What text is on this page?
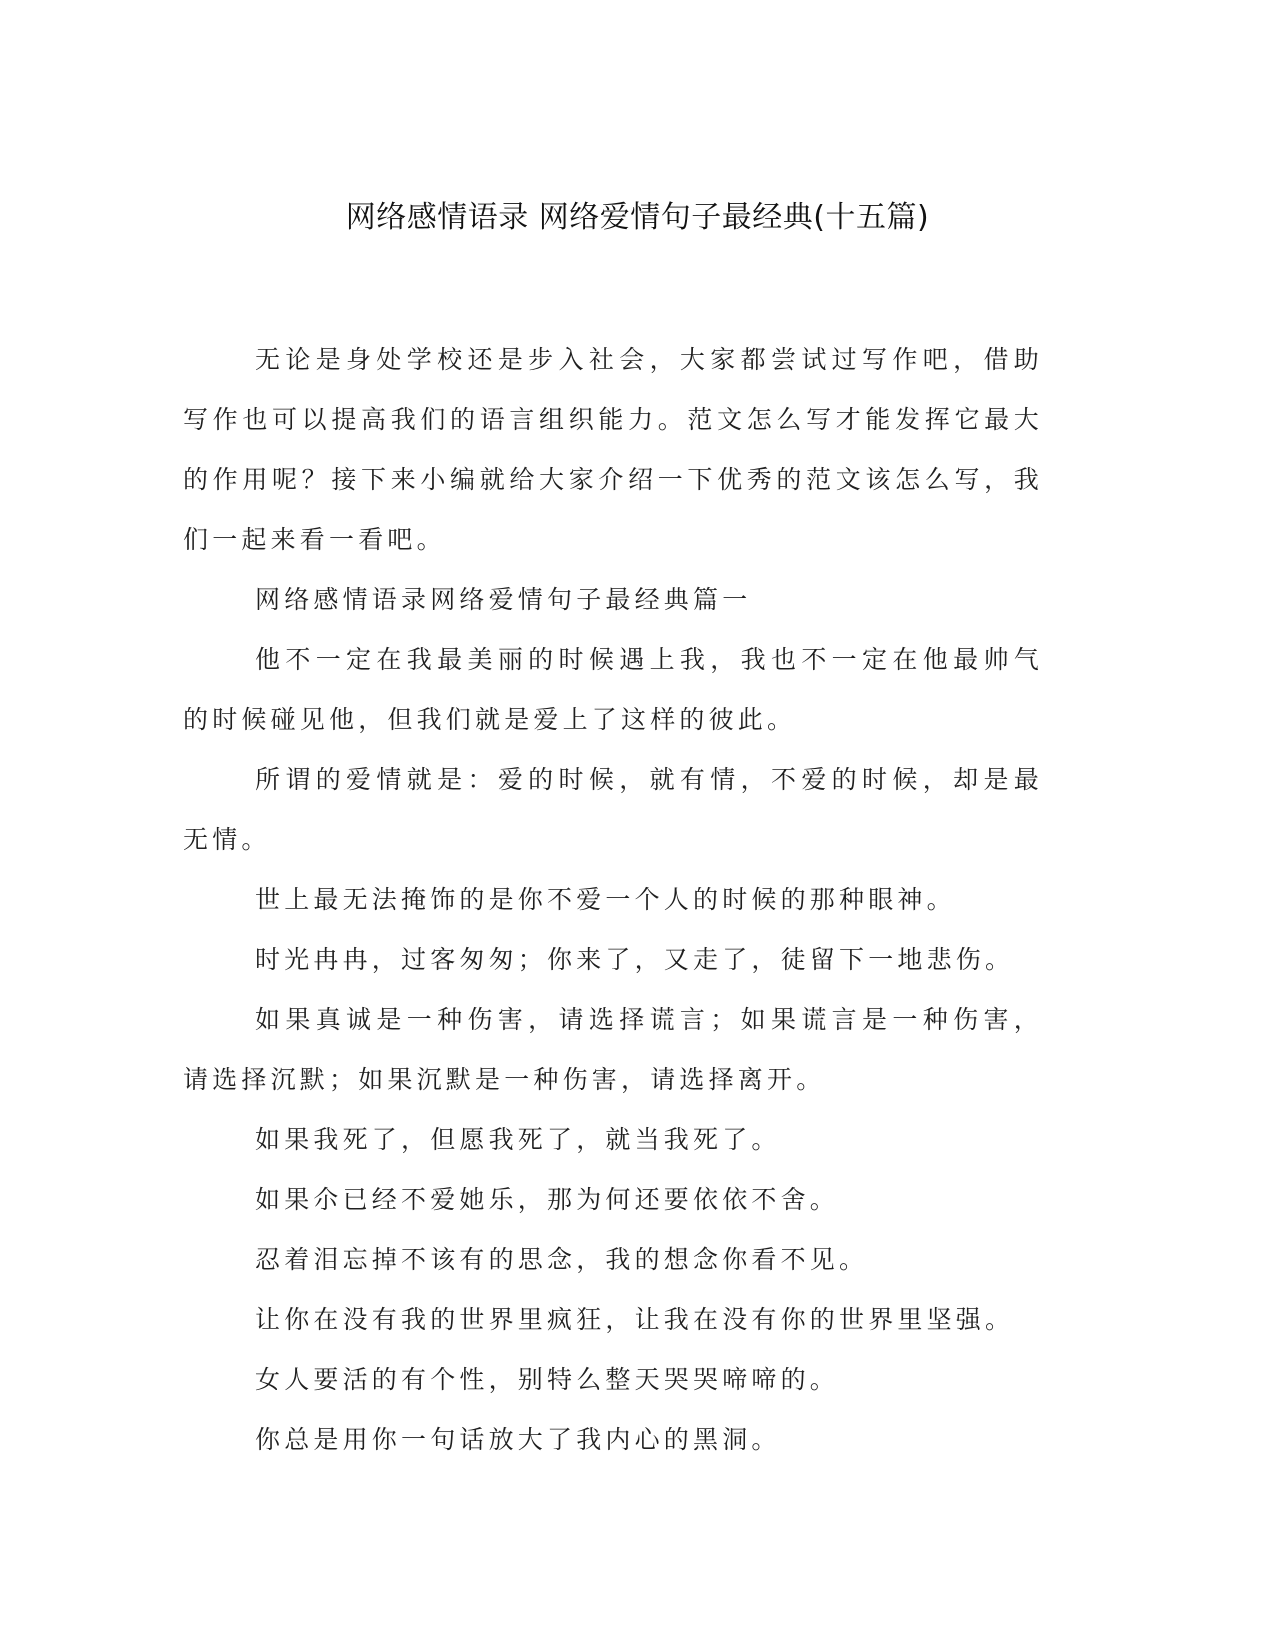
网络感情语录 网络爱情句子最经典(十五篇)

无论是身处学校还是步入社会，大家都尝试过写作吧，借助写作也可以提高我们的语言组织能力。范文怎么写才能发挥它最大的作用呢？接下来小编就给大家介绍一下优秀的范文该怎么写，我们一起来看一看吧。

网络感情语录网络爱情句子最经典篇一

他不一定在我最美丽的时候遇上我，我也不一定在他最帅气的时候碰见他，但我们就是爱上了这样的彼此。

所谓的爱情就是：爱的时候，就有情，不爱的时候，却是最无情。

世上最无法掩饰的是你不爱一个人的时候的那种眼神。

时光冉冉，过客匆匆；你来了，又走了，徒留下一地悲伤。

如果真诚是一种伤害，请选择谎言；如果谎言是一种伤害，请选择沉默；如果沉默是一种伤害，请选择离开。

如果我死了，但愿我死了，就当我死了。

如果尒已经不爱她乐，那为何还要依依不舍。

忍着泪忘掉不该有的思念，我的想念你看不见。

让你在没有我的世界里疯狂，让我在没有你的世界里坚强。

女人要活的有个性，别特么整天哭哭啼啼的。

你总是用你一句话放大了我内心的黑洞。
